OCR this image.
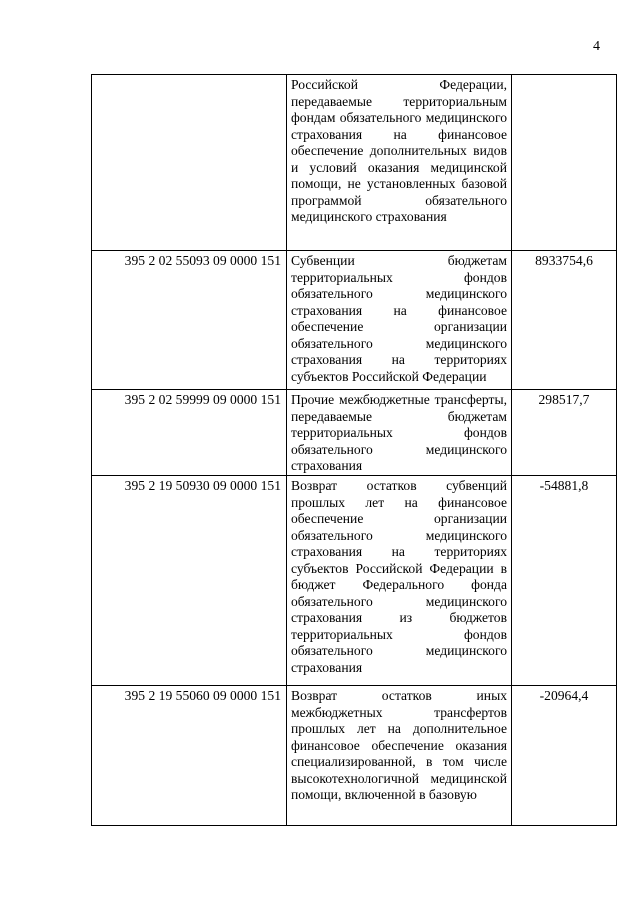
4

	Российской Федерации, передаваемые территориальным фондам обязательного медицинского страхования на финансовое обеспечение дополнительных видов и условий оказания медицинской помощи, не установленных базовой программой обязательного медицинского страхования	

395 2 02 55093 09 0000 151	Субвенции бюджетам территориальных фондов обязательного медицинского страхования на финансовое обеспечение организации обязательного медицинского страхования на территориях субъектов Российской Федерации	8933754,6
395 2 02 59999 09 0000 151	Прочие межбюджетные трансферты, передаваемые бюджетам территориальных фондов обязательного медицинского страхования	298517,7
395 2 19 50930 09 0000 151	Возврат остатков субвенций прошлых лет на финансовое обеспечение организации обязательного медицинского страхования на территориях субъектов Российской Федерации в бюджет Федерального фонда обязательного медицинского страхования из бюджетов территориальных фондов обязательного медицинского страхования	-54881,8
395 2 19 55060 09 0000 151	Возврат остатков иных межбюджетных трансфертов прошлых лет на дополнительное финансовое обеспечение оказания специализированной, в том числе высокотехнологичной медицинской помощи, включенной в базовую	-20964,4
